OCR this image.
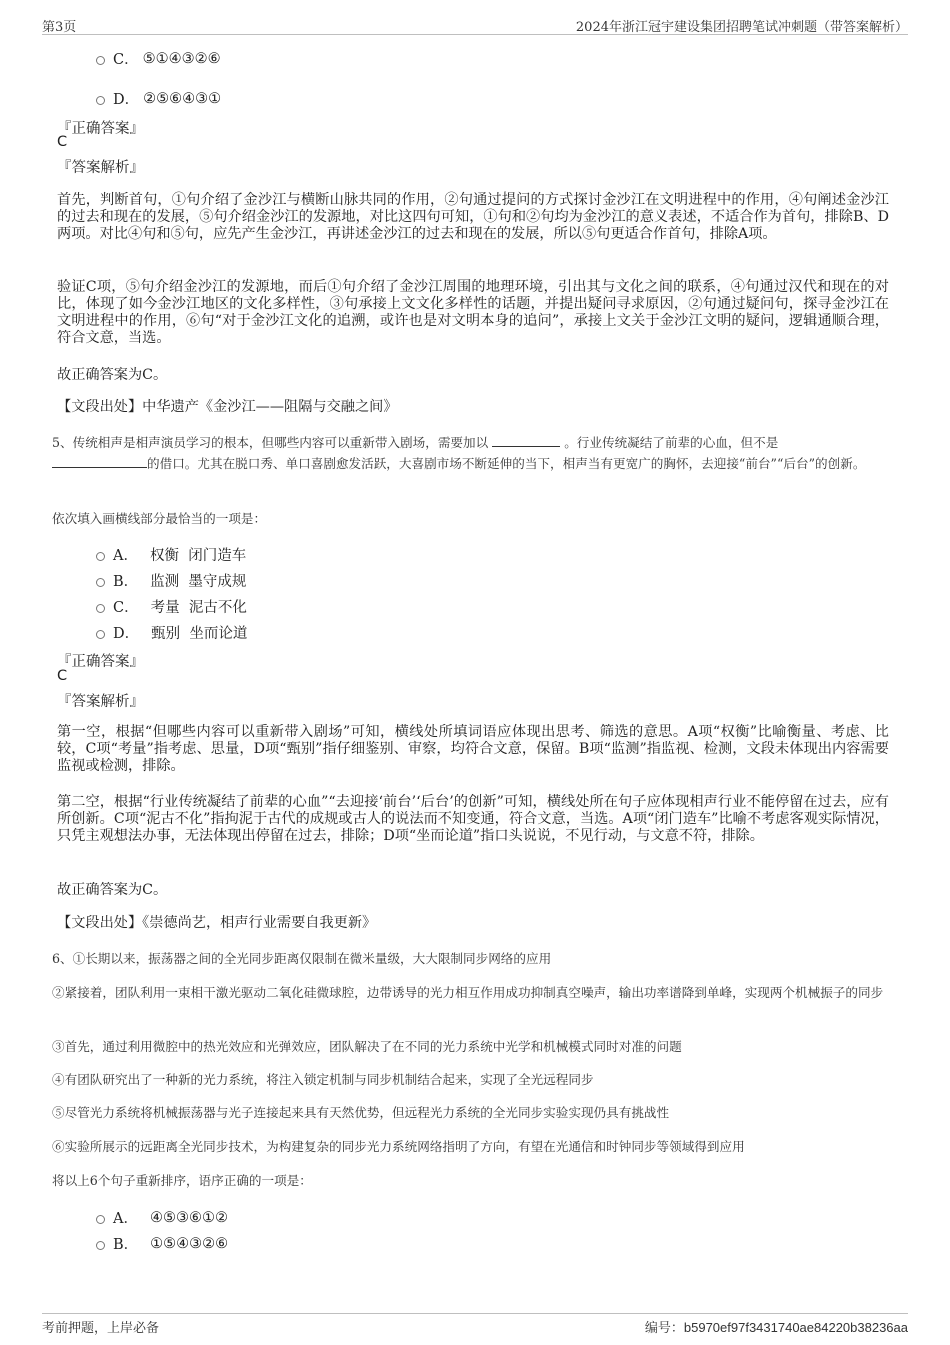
第3页	2024年浙江冠宇建设集团招聘笔试冲刺题（带答案解析）
C． ⑤①④③②⑥
D． ②⑤⑥④③①
『正确答案』
C
『答案解析』
首先，判断首句，①句介绍了金沙江与横断山脉共同的作用，②句通过提问的方式探讨金沙江在文明进程中的作用，④句阐述金沙江的过去和现在的发展，⑤句介绍金沙江的发源地，对比这四句可知，①句和②句均为金沙江的意义表述，不适合作为首句，排除B、D两项。对比④句和⑤句，应先产生金沙江，再讲述金沙江的过去和现在的发展，所以⑤句更适合作首句，排除A项。
验证C项，⑤句介绍金沙江的发源地，而后①句介绍了金沙江周围的地理环境，引出其与文化之间的联系，④句通过汉代和现在的对比，体现了如今金沙江地区的文化多样性，③句承接上文文化多样性的话题，并提出疑问寻求原因，②句通过疑问句，探寻金沙江在文明进程中的作用，⑥句“对于金沙江文化的追溯，或许也是对文明本身的追问”，承接上文关于金沙江文明的疑问，逻辑通顺合理，符合文意，当选。
故正确答案为C。
【文段出处】中华遗产《金沙江——阻隔与交融之间》
5、传统相声是相声演员学习的根本，但哪些内容可以重新带入剧场，需要加以	。行业传统凝结了前辈的心血，但不是
的借口。尤其在脱口秀、单口喜剧愈发活跃，大喜剧市场不断延伸的当下，相声当有更宽广的胸怀，去迎接“前台”“后台”的创新。
依次填入画横线部分最恰当的一项是：
A． 权衡  闭门造车
B． 监测  墨守成规
C． 考量  泥古不化
D． 甄别  坐而论道
『正确答案』
C
『答案解析』
第一空，根据“但哪些内容可以重新带入剧场”可知，横线处所填词语应体现出思考、筛选的意思。A项“权衡”比喻衡量、考虑、比较，C项“考量”指考虑、思量，D项“甄别”指仔细鉴别、审察，均符合文意，保留。B项“监测”指监视、检测，文段未体现出内容需要监视或检测，排除。
第二空，根据“行业传统凝结了前辈的心血”“去迎接‘前台’‘后台’的创新”可知，横线处所在句子应体现相声行业不能停留在过去，应有所创新。C项“泥古不化”指拘泥于古代的成规或古人的说法而不知变通，符合文意，当选。A项“闭门造车”比喻不考虑客观实际情况，只凭主观想法办事，无法体现出停留在过去，排除；D项“坐而论道”指口头说说，不见行动，与文意不符，排除。
故正确答案为C。
【文段出处】《崇德尚艺，相声行业需要自我更新》
6、①长期以来，振荡器之间的全光同步距离仅限制在微米量级，大大限制同步网络的应用
②紧接着，团队利用一束相干激光驱动二氧化硅微球腔，边带诱导的光力相互作用成功抑制真空噪声，输出功率谱降到单峰，实现两个机械振子的同步
③首先，通过利用微腔中的热光效应和光弹效应，团队解决了在不同的光力系统中光学和机械模式同时对准的问题
④有团队研究出了一种新的光力系统，将注入锁定机制与同步机制结合起来，实现了全光远程同步
⑤尽管光力系统将机械振荡器与光子连接起来具有天然优势，但远程光力系统的全光同步实验实现仍具有挑战性
⑥实验所展示的远距离全光同步技术，为构建复杂的同步光力系统网络指明了方向，有望在光通信和时钟同步等领域得到应用
将以上6个句子重新排序，语序正确的一项是：
A． ④⑤③⑥①②
B． ①⑤④③②⑥
考前押题，上岸必备	编号：b5970ef97f3431740ae84220b38236aa
